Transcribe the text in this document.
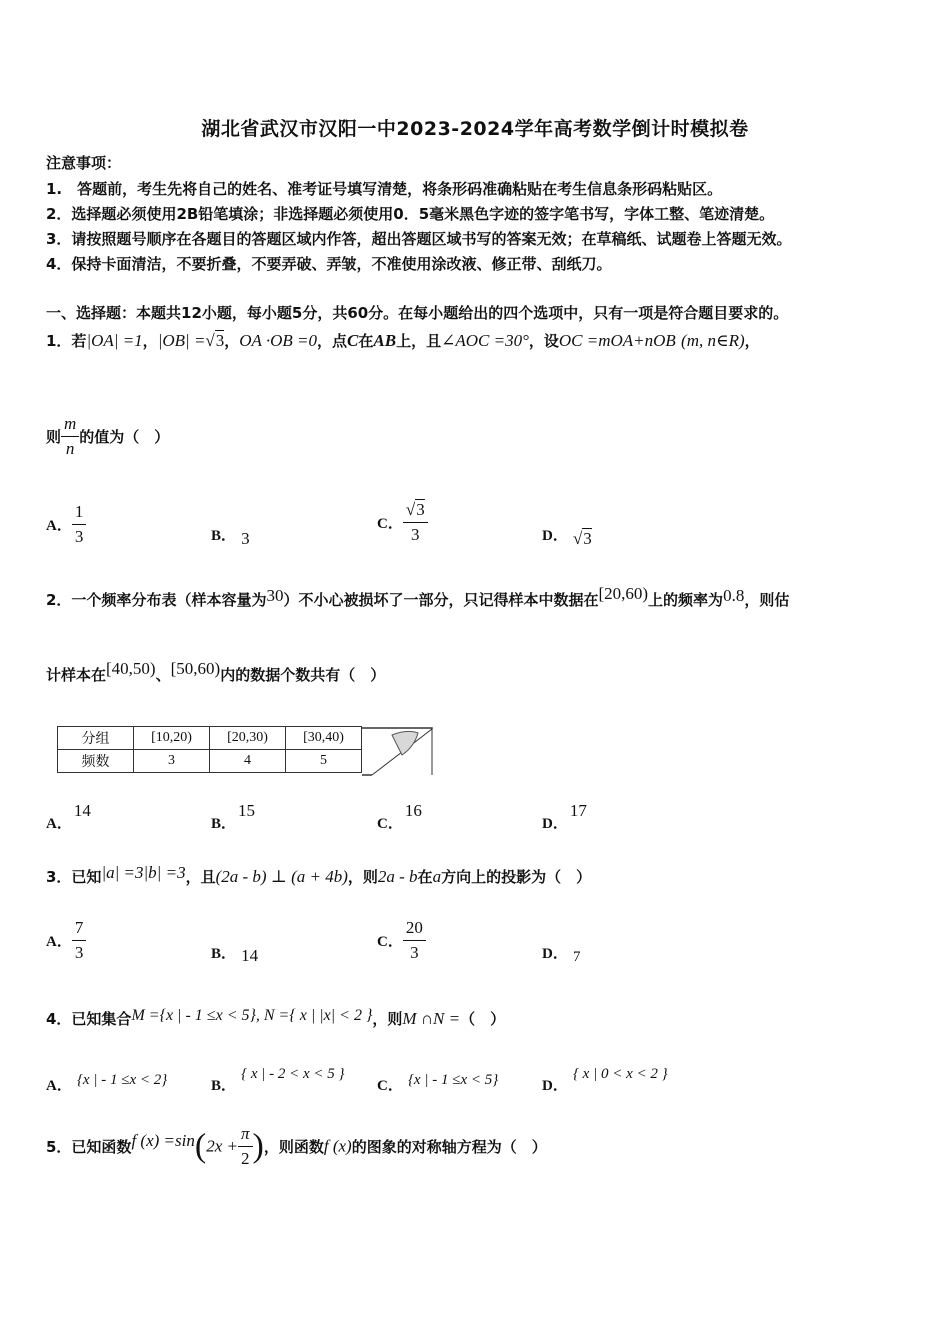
湖北省武汉市汉阳一中2023-2024学年高考数学倒计时模拟卷
注意事项：
1.　答题前，考生先将自己的姓名、准考证号填写清楚，将条形码准确粘贴在考生信息条形码粘贴区。
2．选择题必须使用2B铅笔填涂；非选择题必须使用0．5毫米黑色字迹的签字笔书写，字体工整、笔迹清楚。
3．请按照题号顺序在各题目的答题区域内作答，超出答题区域书写的答案无效；在草稿纸、试题卷上答题无效。
4．保持卡面清洁，不要折叠，不要弄破、弄皱，不准使用涂改液、修正带、刮纸刀。
一、选择题：本题共12小题，每小题5分，共60分。在每小题给出的四个选项中，只有一项是符合题目要求的。
1．若|OA| =1，|OB| =√3，OA ·OB =0，点C在AB上，且∠AOC =30°，设OC =mOA+nOB (m, n∈R)，
则 $\frac{m}{n}$ 的值为（　）
A． $\frac{1}{3}$	B． 3
C． $\frac{√3}{3}$	D． √3
2．一个频率分布表（样本容量为30）不小心被损坏了一部分，只记得样本中数据在[20,60)上的频率为0.8，则估
计样本在[40,50)、[50,60)内的数据个数共有（　）
分组	[10,20)	[20,30)	[30,40)	

频数	3	4	5	
A．14
B．15
C．16
D．17
3．已知|a| =3|b| =3，且(2a - b) ⊥ (a + 4b)，则2a - b在a方向上的投影为（　）
A． $\frac{7}{3}$	B． 14
C． $\frac{20}{3}$	D． 7
4．已知集合M ={x | - 1 ≤x < 5}, N ={ x | |x| < 2 }，则M ∩N =（　）
A． {x | - 1 ≤x < 2}	B． { x | - 2 < x < 5 }
C． {x | - 1 ≤x < 5}	D． { x | 0 < x < 2 }
5．已知函数f $(x) =\sin(2x + \frac{\pi}{2}$ )，则函数f (x)的图象的对称轴方程为（　）
